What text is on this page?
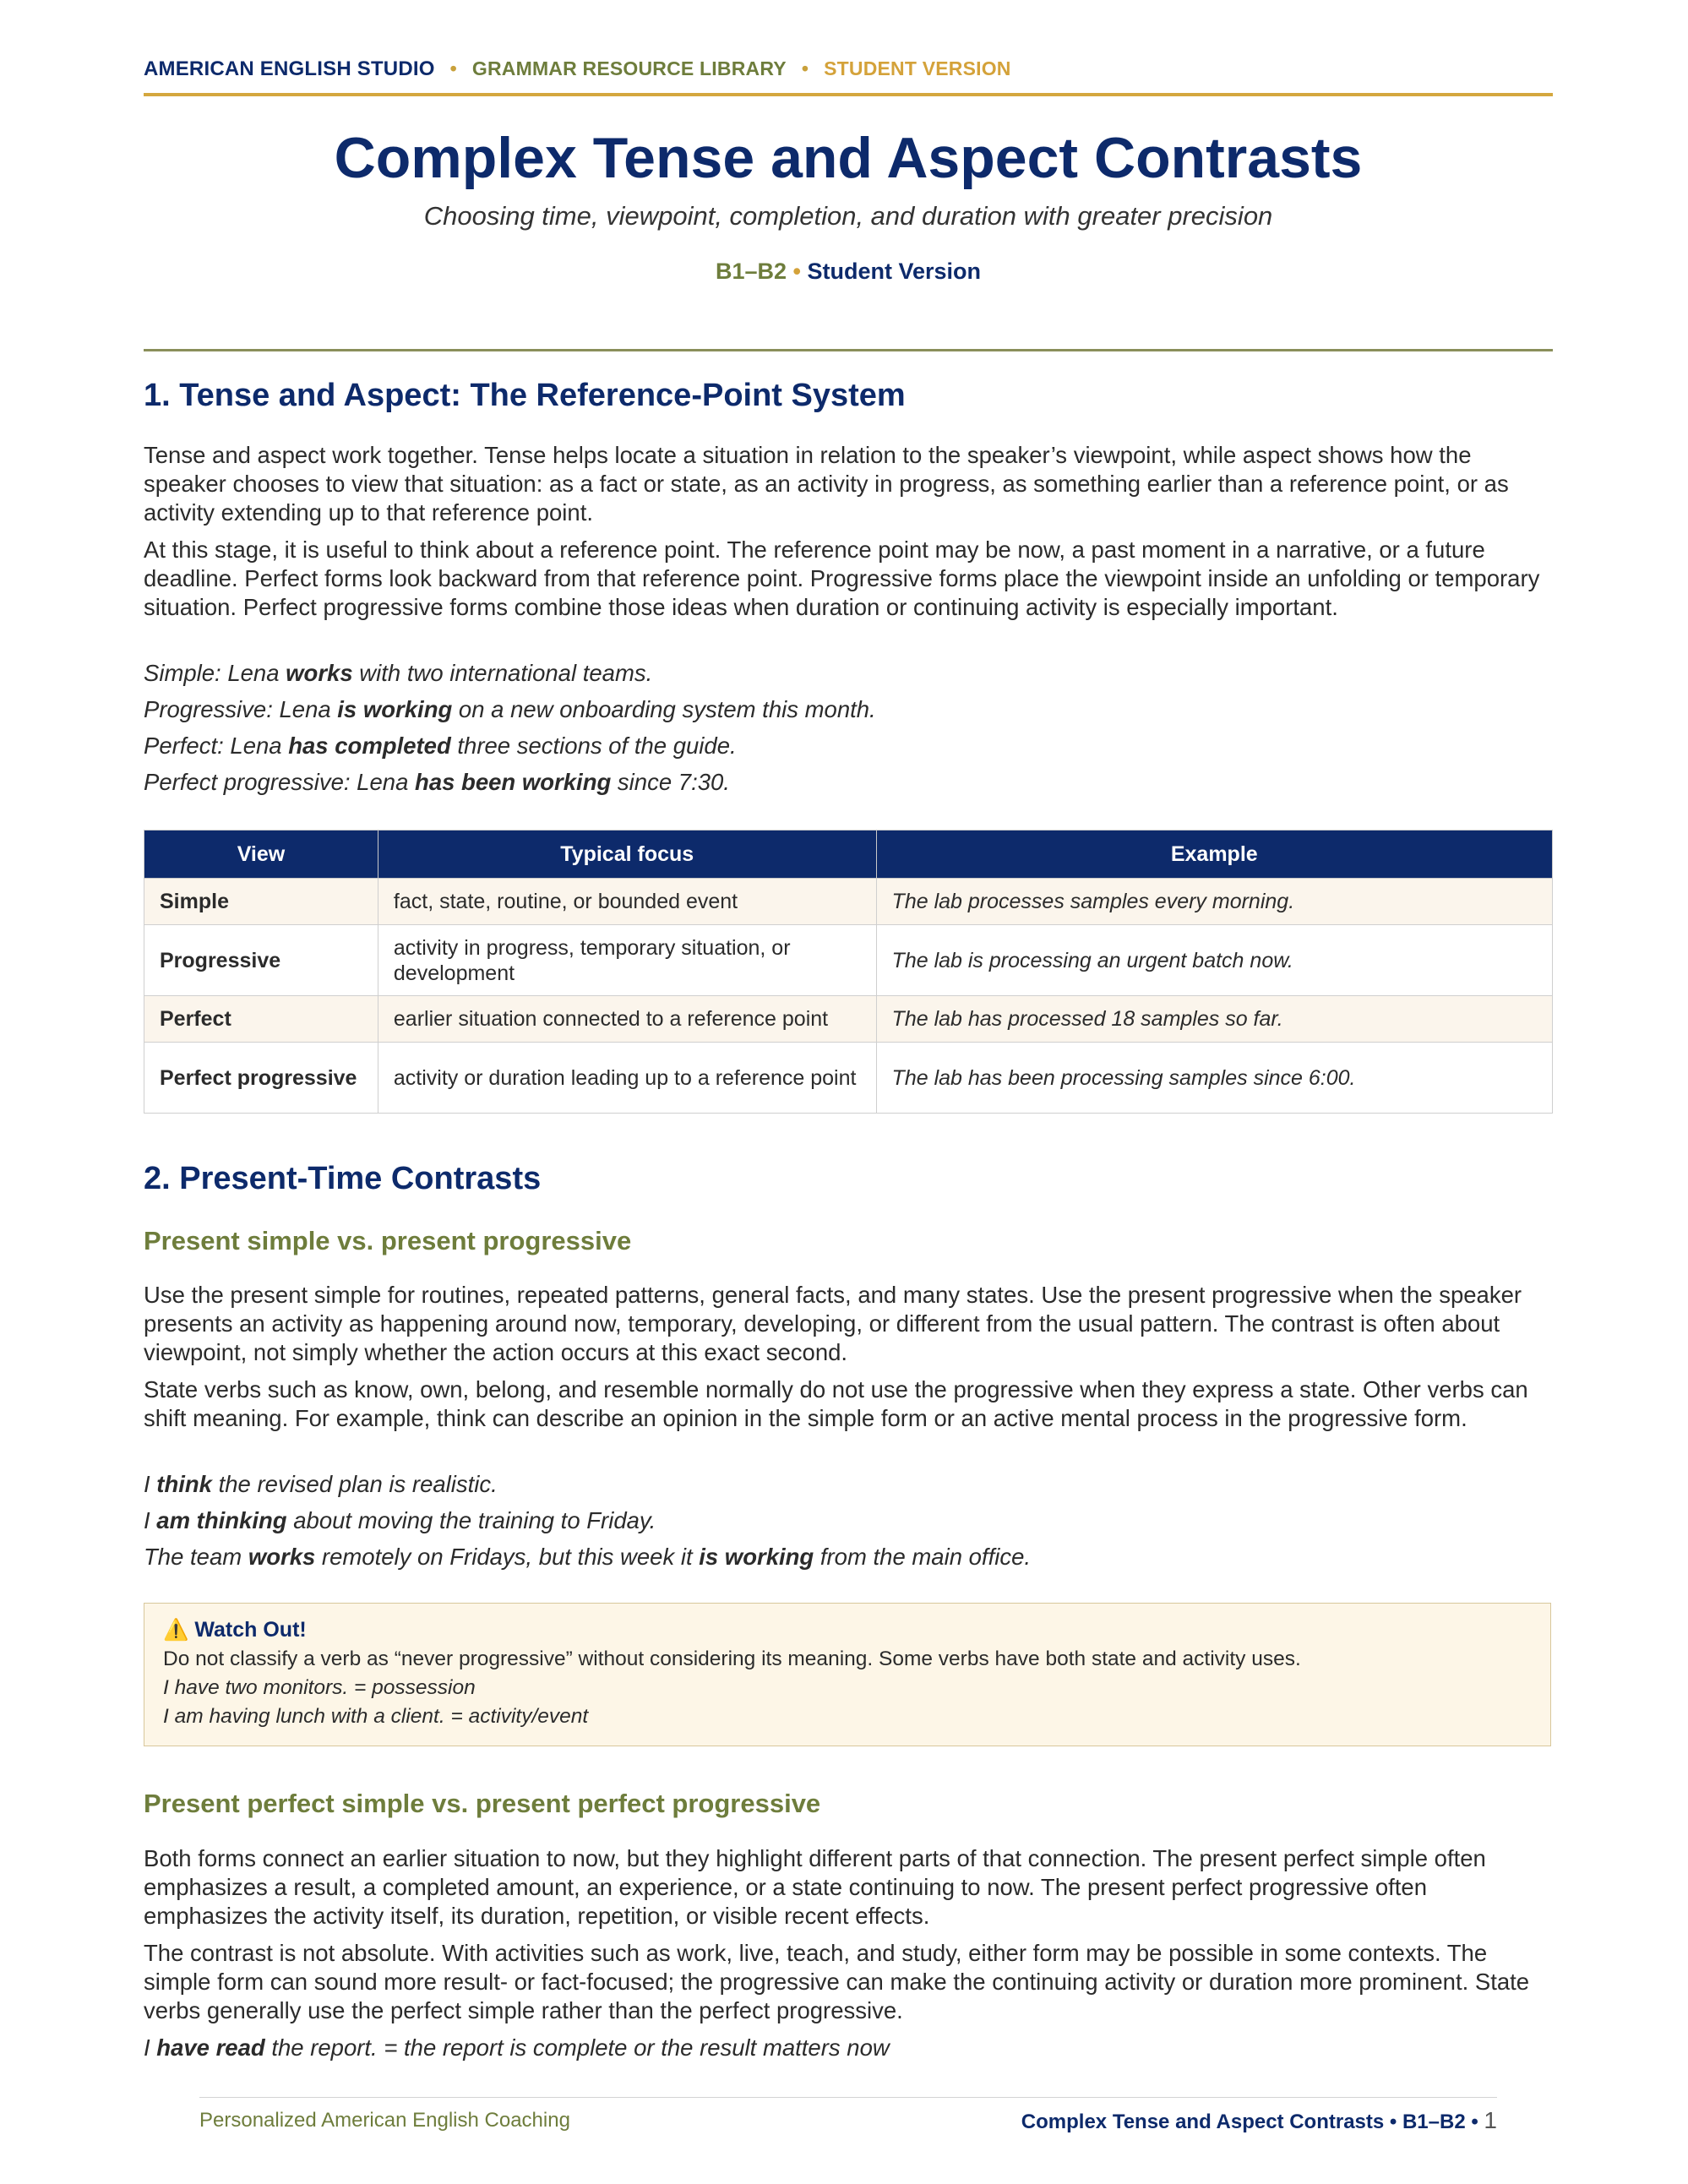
AMERICAN ENGLISH STUDIO • GRAMMAR RESOURCE LIBRARY • STUDENT VERSION
Complex Tense and Aspect Contrasts
Choosing time, viewpoint, completion, and duration with greater precision
B1–B2 • Student Version
1. Tense and Aspect: The Reference-Point System

Tense and aspect work together. Tense helps locate a situation in relation to the speaker’s viewpoint, while aspect shows how the speaker chooses to view that situation: as a fact or state, as an activity in progress, as something earlier than a reference point, or as activity extending up to that reference point.

At this stage, it is useful to think about a reference point. The reference point may be now, a past moment in a narrative, or a future deadline. Perfect forms look backward from that reference point. Progressive forms place the viewpoint inside an unfolding or temporary situation. Perfect progressive forms combine those ideas when duration or continuing activity is especially important.

Simple: Lena works with two international teams.

Progressive: Lena is working on a new onboarding system this month.

Perfect: Lena has completed three sections of the guide.

Perfect progressive: Lena has been working since 7:30.

View	Typical focus	Example
Simple	fact, state, routine, or bounded event	The lab processes samples every morning.
Progressive	activity in progress, temporary situation, or development	The lab is processing an urgent batch now.
Perfect	earlier situation connected to a reference point	The lab has processed 18 samples so far.
Perfect progressive	activity or duration leading up to a reference point	The lab has been processing samples since 6:00.
2. Present-Time Contrasts
Present simple vs. present progressive

Use the present simple for routines, repeated patterns, general facts, and many states. Use the present progressive when the speaker presents an activity as happening around now, temporary, developing, or different from the usual pattern. The contrast is often about viewpoint, not simply whether the action occurs at this exact second.

State verbs such as know, own, belong, and resemble normally do not use the progressive when they express a state. Other verbs can shift meaning. For example, think can describe an opinion in the simple form or an active mental process in the progressive form.

I think the revised plan is realistic.

I am thinking about moving the training to Friday.

The team works remotely on Fridays, but this week it is working from the main office.

⚠️ Watch Out!
Do not classify a verb as “never progressive” without considering its meaning. Some verbs have both state and activity uses.
I have two monitors. = possession
I am having lunch with a client. = activity/event
Present perfect simple vs. present perfect progressive

Both forms connect an earlier situation to now, but they highlight different parts of that connection. The present perfect simple often emphasizes a result, a completed amount, an experience, or a state continuing to now. The present perfect progressive often emphasizes the activity itself, its duration, repetition, or visible recent effects.

The contrast is not absolute. With activities such as work, live, teach, and study, either form may be possible in some contexts. The simple form can sound more result- or fact-focused; the progressive can make the continuing activity or duration more prominent. State verbs generally use the perfect simple rather than the perfect progressive.

I have read the report. = the report is complete or the result matters now

Personalized American English Coaching	Complex Tense and Aspect Contrasts • B1–B2 • 1
